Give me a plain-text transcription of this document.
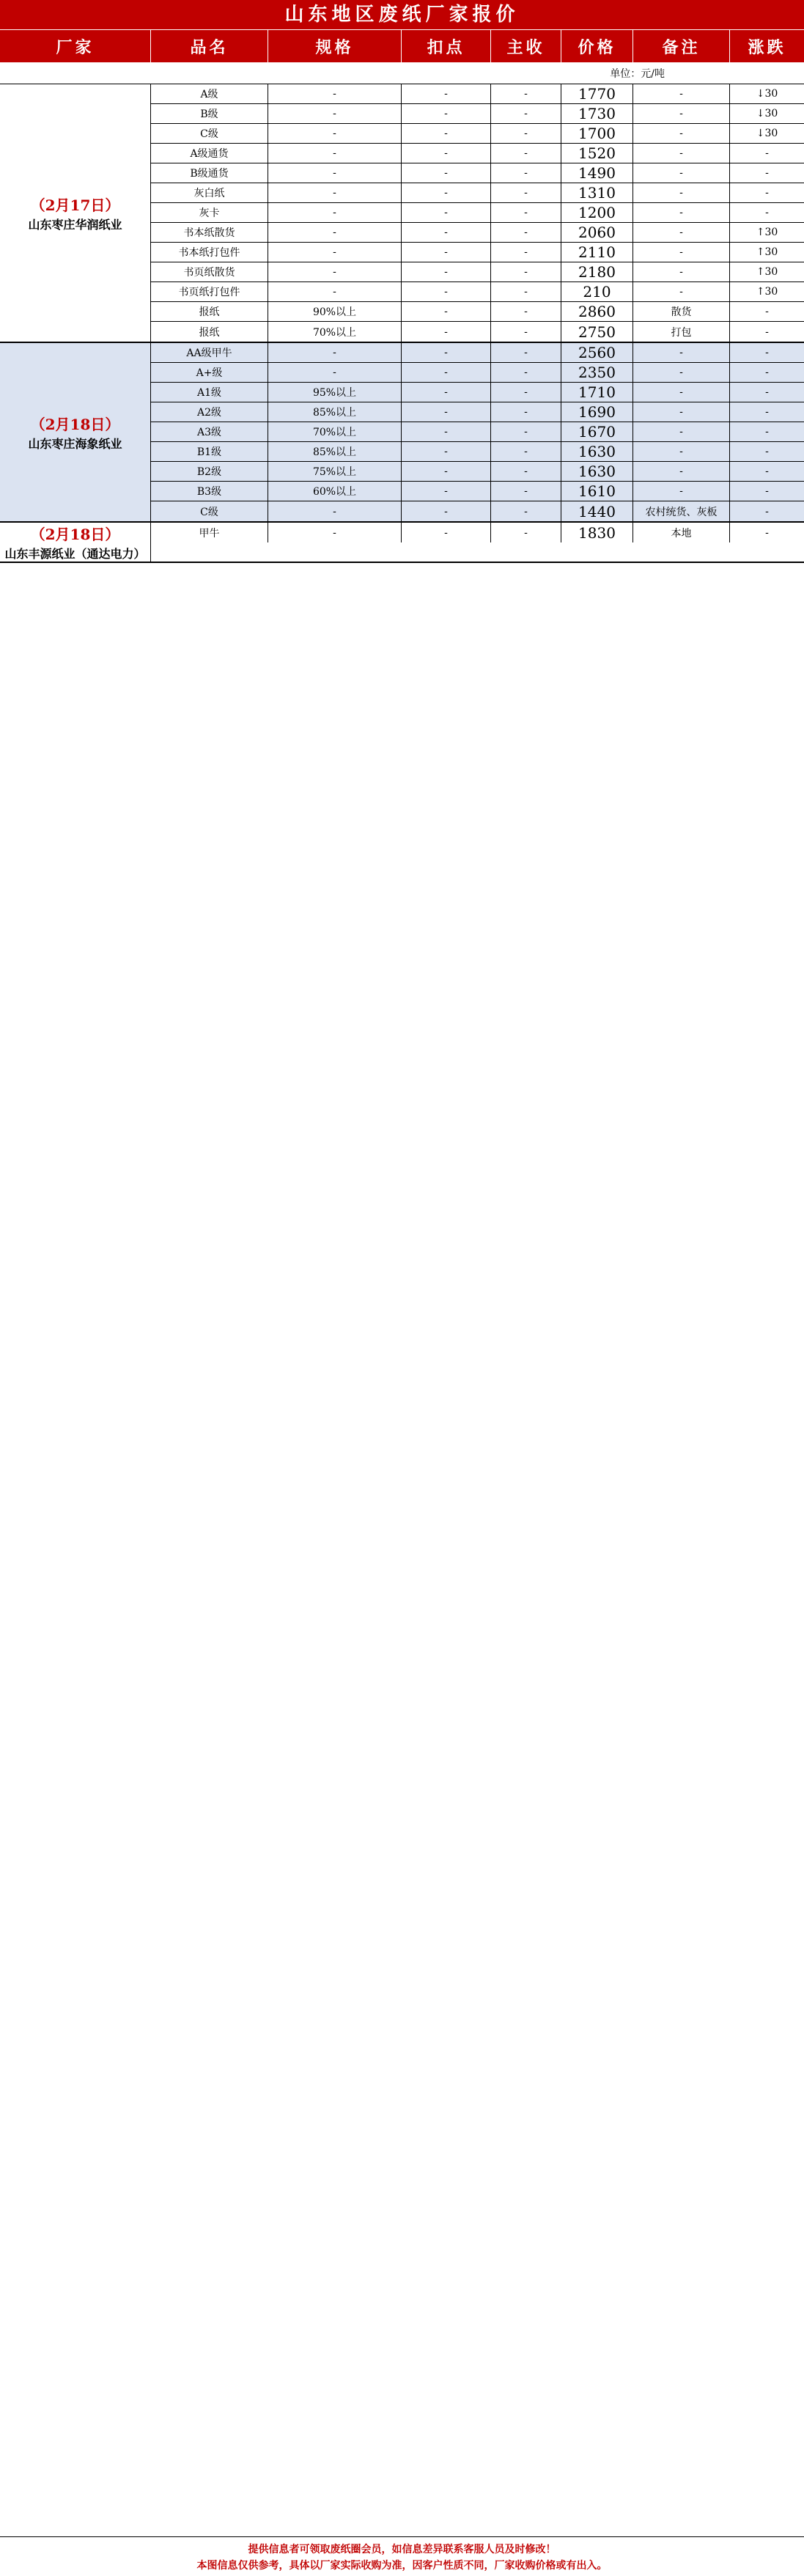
山东地区废纸厂家报价
厂家	品名	规格	扣点	主收	价格	备注	涨跌
单位：元/吨
（2月17日）
山东枣庄华润纸业
A级	-	-	-	1770	- ↓	30
B级	-	-	-	1730	- ↓	30
C级	-	-	-	1700	- ↓	30
A级通货	-	-	-	1520	-	-
B级通货	-	-	-	1490	-	-
灰白纸	-	-	-	1310	-	-
灰卡	-	-	-	1200	-	-
书本纸散货	-	-	-	2060	- ↑	30
书本纸打包件	-	-	-	2110	- ↑	30
书页纸散货	-	-	-	2180	- ↑	30
书页纸打包件	-	-	-	210	- ↑	30
报纸	90%以上	-	-	2860	散货	-
报纸	70%以上	-	-	2750	打包	-
（2月18日）
山东枣庄海象纸业
AA级甲牛	-	-	-	2560	-	-
A+级	-	-	-	2350	-	-
A1级	95%以上	-	-	1710	-	-
A2级	85%以上	-	-	1690	-	-
A3级	70%以上	-	-	1670	-	-
B1级	85%以上	-	-	1630	-	-
B2级	75%以上	-	-	1630	-	-
B3级	60%以上	-	-	1610	-	-
C级	-	-	-	1440	农村统货、灰板	-
（2月18日）
山东丰源纸业（通达电力）
甲牛	-	-	-	1830	本地	-
提供信息者可领取废纸圈会员，如信息差异联系客服人员及时修改！
本图信息仅供参考，具体以厂家实际收购为准，因客户性质不同，厂家收购价格或有出入。
